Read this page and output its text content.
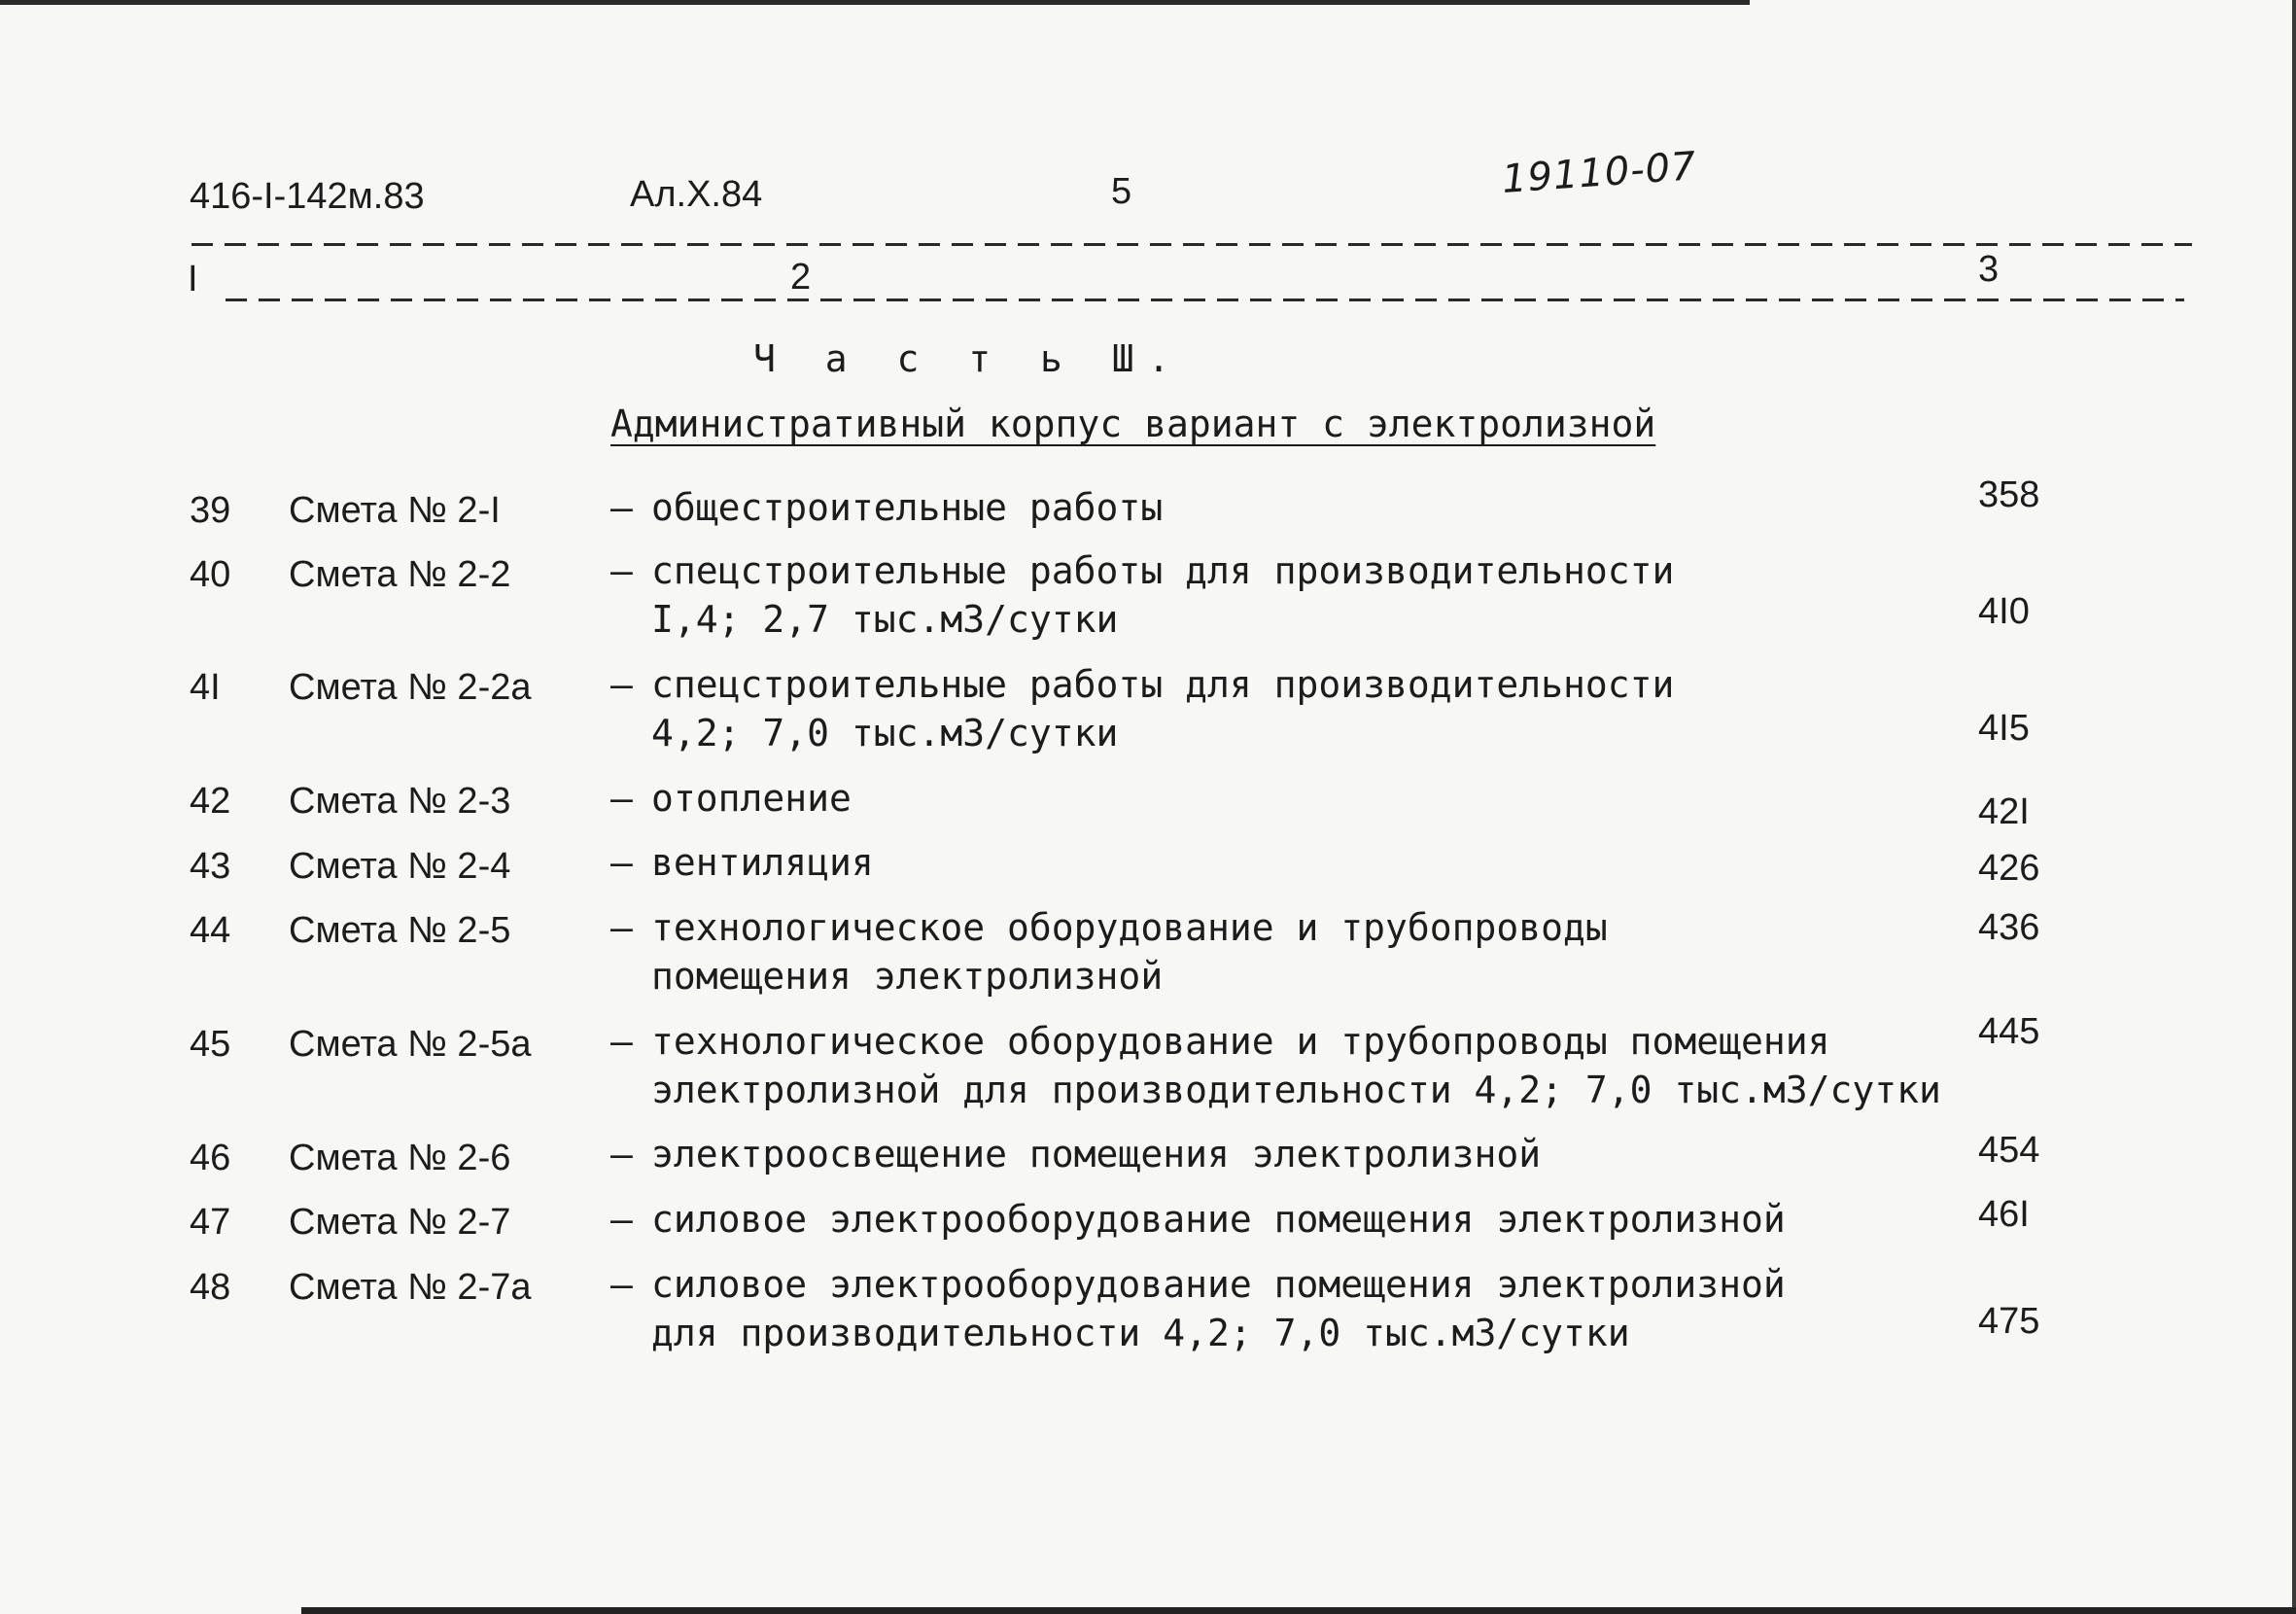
416-I-142м.83	Ал.Х.84	5	19110-07
I	2	3
Ч а с т ь Ш.
Административный корпус вариант с электролизной
39 Смета № 2-I	– общестроительные работы	358
40 Смета № 2-2	– спецстроительные работы для производительности
I,4; 2,7 тыс.м3/сутки	4I0
4I Смета № 2-2а – спецстроительные работы для производительности
4,2; 7,0 тыс.м3/сутки	4I5
42 Смета № 2-3	– отопление	42I
43 Смета № 2-4	– вентиляция	426
44 Смета № 2-5	– технологическое оборудование и трубопроводы
помещения электролизной
436
45 Смета № 2-5а – технологическое оборудование и трубопроводы помещения
электролизной для производительности 4,2; 7,0 тыс.м3/сутки
445
46 Смета № 2-6	– электроосвещение помещения электролизной	454
47 Смета № 2-7	– силовое электрооборудование помещения электролизной	46I
48 Смета № 2-7а – силовое электрооборудование помещения электролизной
для производительности 4,2; 7,0 тыс.м3/сутки	475
